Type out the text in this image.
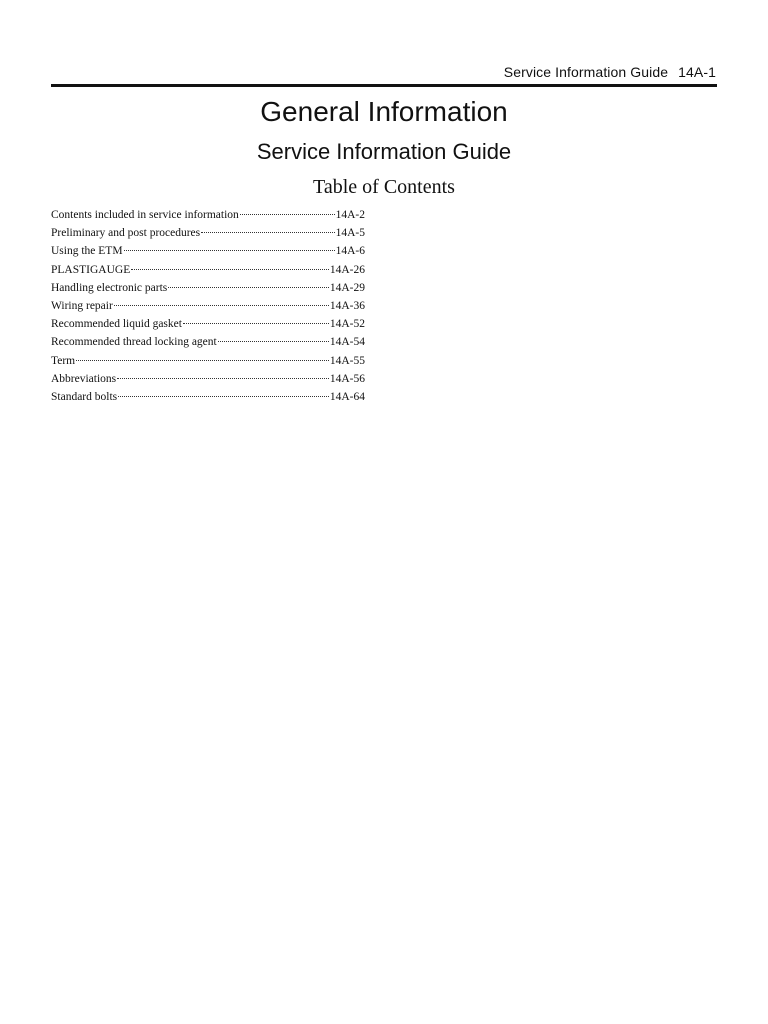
Service Information Guide 14A-1
General Information
Service Information Guide
Table of Contents
Contents included in service information	14A-2
Preliminary and post procedures	14A-5
Using the ETM	14A-6
PLASTIGAUGE	14A-26
Handling electronic parts	14A-29
Wiring repair	14A-36
Recommended liquid gasket	14A-52
Recommended thread locking agent	14A-54
Term	14A-55
Abbreviations	14A-56
Standard bolts	14A-64
